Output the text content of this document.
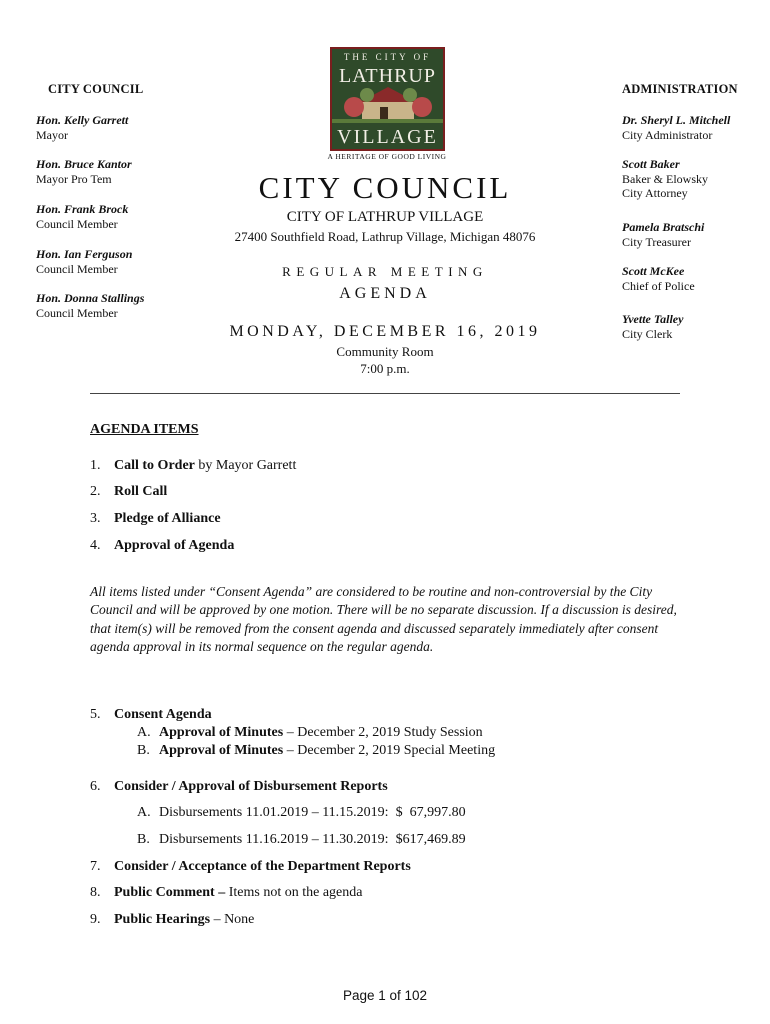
CITY COUNCIL
Hon. Kelly Garrett
Mayor
Hon. Bruce Kantor
Mayor Pro Tem
Hon. Frank Brock
Council Member
Hon. Ian Ferguson
Council Member
Hon. Donna Stallings
Council Member
ADMINISTRATION
Dr. Sheryl L. Mitchell
City Administrator
Scott Baker
Baker & Elowsky
City Attorney
Pamela Bratschi
City Treasurer
Scott McKee
Chief of Police
Yvette Talley
City Clerk
THE CITY OF
LATHRUP
VILLAGE
A HERITAGE OF GOOD LIVING
CITY COUNCIL
CITY OF LATHRUP VILLAGE
27400 Southfield Road, Lathrup Village, Michigan 48076
REGULAR MEETING
AGENDA
MONDAY, DECEMBER 16, 2019
Community Room
7:00 p.m.
AGENDA ITEMS
1. Call to Order by Mayor Garrett
2. Roll Call
3. Pledge of Alliance
4. Approval of Agenda
All items listed under “Consent Agenda” are considered to be routine and non-controversial by the City Council and will be approved by one motion. There will be no separate discussion. If a discussion is desired, that item(s) will be removed from the consent agenda and discussed separately immediately after consent agenda approval in its normal sequence on the regular agenda.
5. Consent Agenda
A. Approval of Minutes – December 2, 2019 Study Session
B. Approval of Minutes – December 2, 2019 Special Meeting
6. Consider / Approval of Disbursement Reports
A. Disbursements 11.01.2019 – 11.15.2019:  $  67,997.80
B. Disbursements 11.16.2019 – 11.30.2019:  $617,469.89
7. Consider / Acceptance of the Department Reports
8. Public Comment – Items not on the agenda
9. Public Hearings – None
Page 1 of 102
